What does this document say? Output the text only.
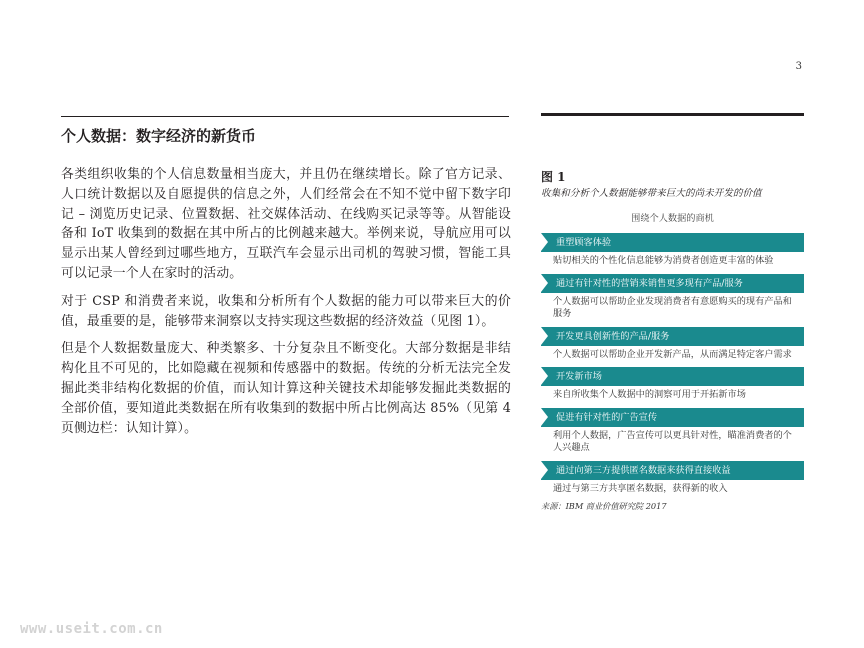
3
个人数据：数字经济的新货币

各类组织收集的个人信息数量相当庞大，并且仍在继续增长。除了官方记录、人口统计数据以及自愿提供的信息之外，人们经常会在不知不觉中留下数字印记 – 浏览历史记录、位置数据、社交媒体活动、在线购买记录等等。从智能设备和 IoT 收集到的数据在其中所占的比例越来越大。举例来说，导航应用可以显示出某人曾经到过哪些地方，互联汽车会显示出司机的驾驶习惯，智能工具可以记录一个人在家时的活动。

对于 CSP 和消费者来说，收集和分析所有个人数据的能力可以带来巨大的价值，最重要的是，能够带来洞察以支持实现这些数据的经济效益（见图 1）。

但是个人数据数量庞大、种类繁多、十分复杂且不断变化。大部分数据是非结构化且不可见的，比如隐藏在视频和传感器中的数据。传统的分析无法完全发掘此类非结构化数据的价值，而认知计算这种关键技术却能够发掘此类数据的全部价值，要知道此类数据在所有收集到的数据中所占比例高达 85%（见第 4 页侧边栏：认知计算）。

图 1

收集和分析个人数据能够带来巨大的尚未开发的价值

围绕个人数据的商机

重塑顾客体验

贴切相关的个性化信息能够为消费者创造更丰富的体验

通过有针对性的营销来销售更多现有产品/服务

个人数据可以帮助企业发现消费者有意愿购买的现有产品和服务

开发更具创新性的产品/服务

个人数据可以帮助企业开发新产品，从而满足特定客户需求

开发新市场

来自所收集个人数据中的洞察可用于开拓新市场

促进有针对性的广告宣传

利用个人数据，广告宣传可以更具针对性，瞄准消费者的个人兴趣点

通过向第三方提供匿名数据来获得直接收益

通过与第三方共享匿名数据，获得新的收入

来源：IBM 商业价值研究院 2017

www.useit.com.cn
